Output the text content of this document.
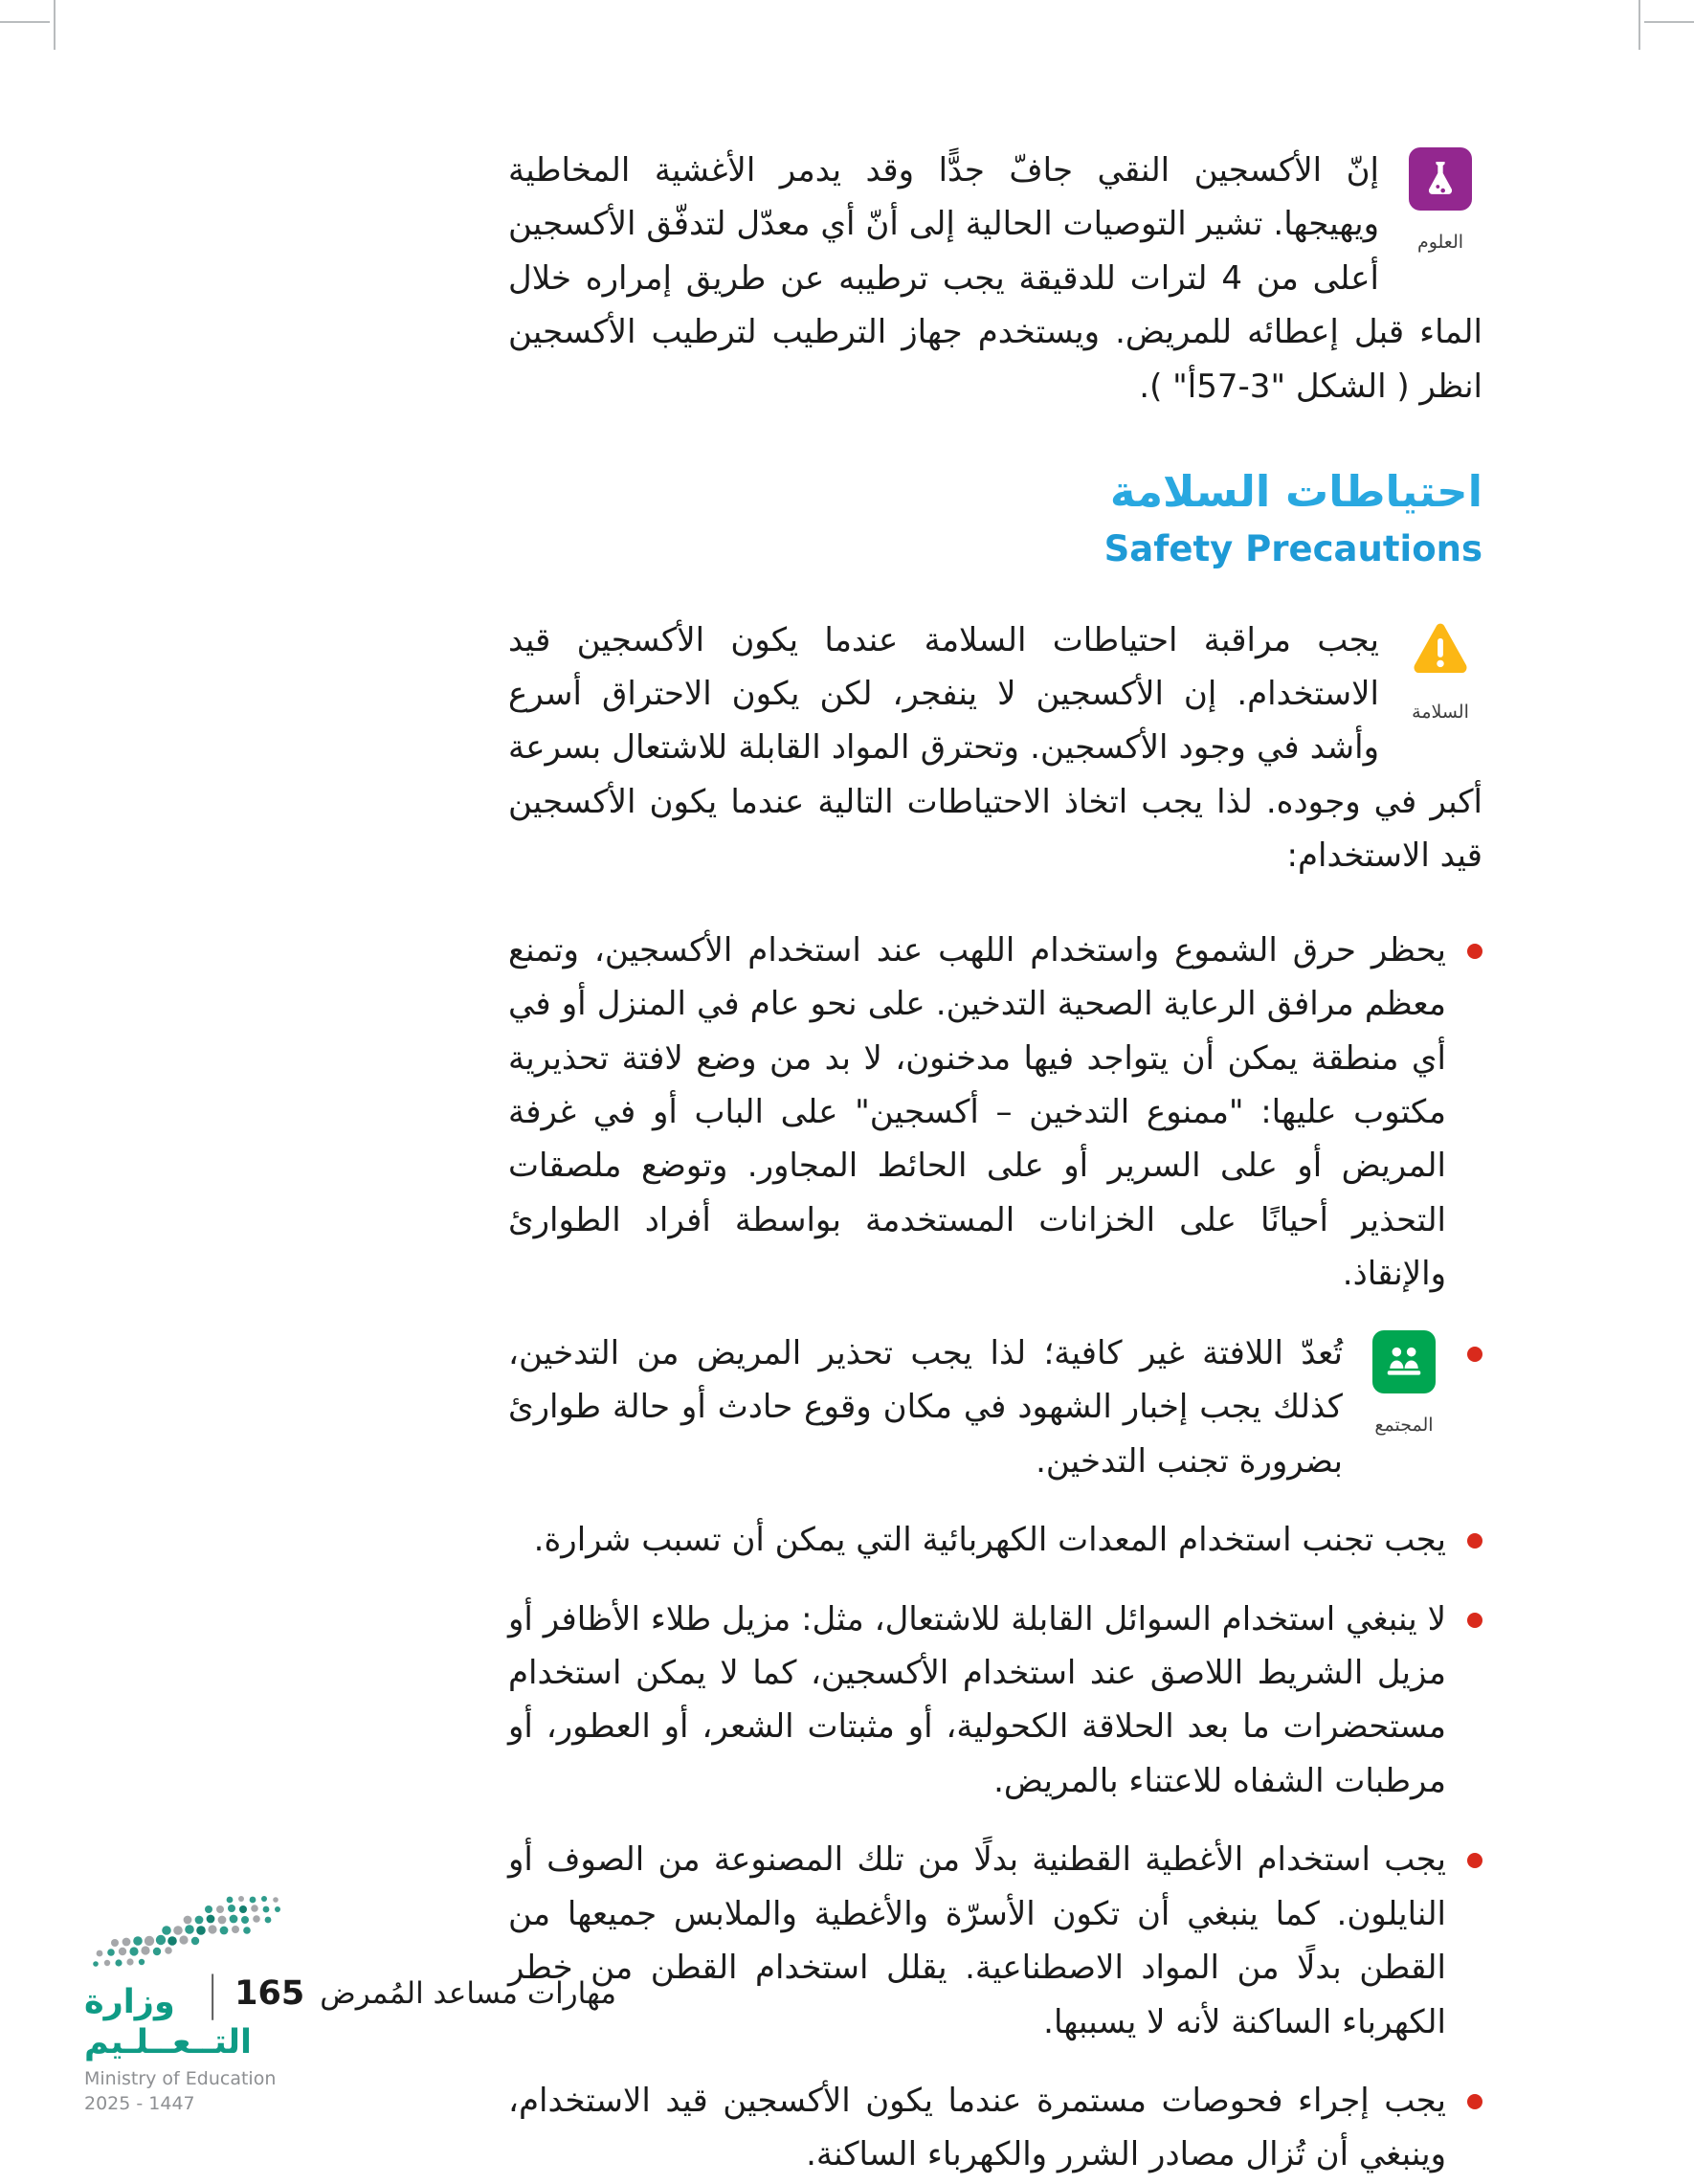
العلوم

إنّ الأكسجين النقي جافّ جدًّا وقد يدمر الأغشية المخاطية ويهيجها. تشير التوصيات الحالية إلى أنّ أي معدّل لتدفّق الأكسجين أعلى من 4 لترات للدقيقة يجب ترطيبه عن طريق إمراره خلال الماء قبل إعطائه للمريض. ويستخدم جهاز الترطيب لترطيب الأكسجين انظر ( الشكل "3-57أ" ).

احتياطات السلامة
Safety Precautions
السلامة

يجب مراقبة احتياطات السلامة عندما يكون الأكسجين قيد الاستخدام. إن الأكسجين لا ينفجر، لكن يكون الاحتراق أسرع وأشد في وجود الأكسجين. وتحترق المواد القابلة للاشتعال بسرعة أكبر في وجوده. لذا يجب اتخاذ الاحتياطات التالية عندما يكون الأكسجين قيد الاستخدام:

يحظر حرق الشموع واستخدام اللهب عند استخدام الأكسجين، وتمنع معظم مرافق الرعاية الصحية التدخين. على نحو عام في المنزل أو في أي منطقة يمكن أن يتواجد فيها مدخنون، لا بد من وضع لافتة تحذيرية مكتوب عليها: "ممنوع التدخين – أكسجين" على الباب أو في غرفة المريض أو على السرير أو على الحائط المجاور. وتوضع ملصقات التحذير أحيانًا على الخزانات المستخدمة بواسطة أفراد الطوارئ والإنقاذ.

المجتمع

تُعدّ اللافتة غير كافية؛ لذا يجب تحذير المريض من التدخين، كذلك يجب إخبار الشهود في مكان وقوع حادث أو حالة طوارئ بضرورة تجنب التدخين.

يجب تجنب استخدام المعدات الكهربائية التي يمكن أن تسبب شرارة.

لا ينبغي استخدام السوائل القابلة للاشتعال، مثل: مزيل طلاء الأظافر أو مزيل الشريط اللاصق عند استخدام الأكسجين، كما لا يمكن استخدام مستحضرات ما بعد الحلاقة الكحولية، أو مثبتات الشعر، أو العطور، أو مرطبات الشفاه للاعتناء بالمريض.

يجب استخدام الأغطية القطنية بدلًا من تلك المصنوعة من الصوف أو النايلون. كما ينبغي أن تكون الأسرّة والأغطية والملابس جميعها من القطن بدلًا من المواد الاصطناعية. يقلل استخدام القطن من خطر الكهرباء الساكنة لأنه لا يسببها.

يجب إجراء فحوصات مستمرة عندما يكون الأكسجين قيد الاستخدام، وينبغي أن تُزال مصادر الشرر والكهرباء الساكنة.

وزارة التــعــلـيم
Ministry of Education
2025 - 1447
مهارات مساعد المُمرض
165
|
